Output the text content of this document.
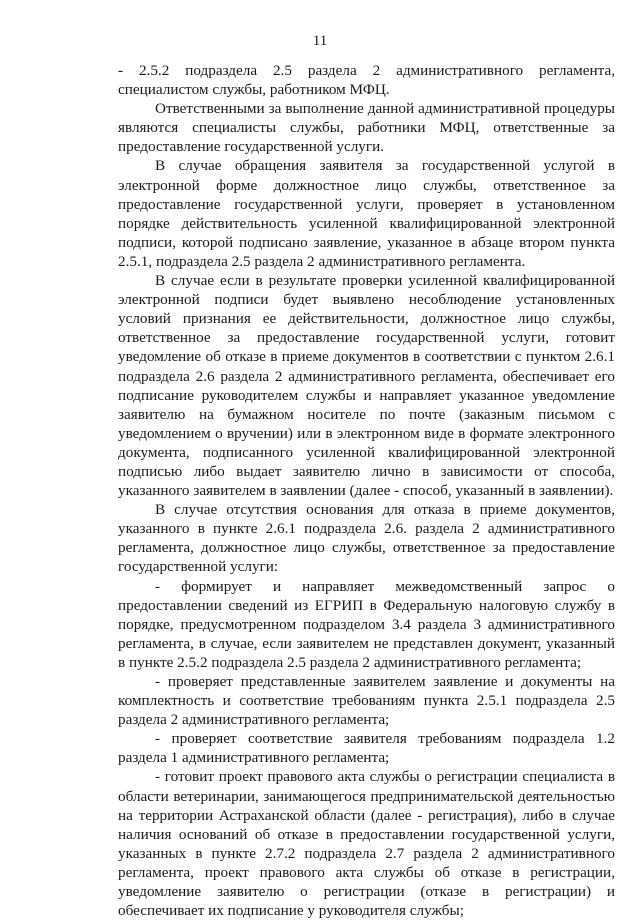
11

- 2.5.2 подраздела 2.5 раздела 2 административного регламента, специалистом службы, работником МФЦ.

Ответственными за выполнение данной административной процедуры являются специалисты службы, работники МФЦ, ответственные за предоставление государственной услуги.

В случае обращения заявителя за государственной услугой в электронной форме должностное лицо службы, ответственное за предоставление государственной услуги, проверяет в установленном порядке действительность усиленной квалифицированной электронной подписи, которой подписано заявление, указанное в абзаце втором пункта 2.5.1, подраздела 2.5 раздела 2 административного регламента.

В случае если в результате проверки усиленной квалифицированной электронной подписи будет выявлено несоблюдение установленных условий признания ее действительности, должностное лицо службы, ответственное за предоставление государственной услуги, готовит уведомление об отказе в приеме документов в соответствии с пунктом 2.6.1 подраздела 2.6 раздела 2 административного регламента, обеспечивает его подписание руководителем службы и направляет указанное уведомление заявителю на бумажном носителе по почте (заказным письмом с уведомлением о вручении) или в электронном виде в формате электронного документа, подписанного усиленной квалифицированной электронной подписью либо выдает заявителю лично в зависимости от способа, указанного заявителем в заявлении (далее - способ, указанный в заявлении).

В случае отсутствия основания для отказа в приеме документов, указанного в пункте 2.6.1 подраздела 2.6. раздела 2 административного регламента, должностное лицо службы, ответственное за предоставление государственной услуги:

- формирует и направляет межведомственный запрос о предоставлении сведений из ЕГРИП в Федеральную налоговую службу в порядке, предусмотренном подразделом 3.4 раздела 3 административного регламента, в случае, если заявителем не представлен документ, указанный в пункте 2.5.2 подраздела 2.5 раздела 2 административного регламента;

- проверяет представленные заявителем заявление и документы на комплектность и соответствие требованиям пункта 2.5.1 подраздела 2.5 раздела 2 административного регламента;

- проверяет соответствие заявителя требованиям подраздела 1.2 раздела 1 административного регламента;

- готовит проект правового акта службы о регистрации специалиста в области ветеринарии, занимающегося предпринимательской деятельностью на территории Астраханской области (далее - регистрация), либо в случае наличия оснований об отказе в предоставлении государственной услуги, указанных в пункте 2.7.2 подраздела 2.7 раздела 2 административного регламента, проект правового акта службы об отказе в регистрации, уведомление заявителю о регистрации (отказе в регистрации) и обеспечивает их подписание у руководителя службы;
